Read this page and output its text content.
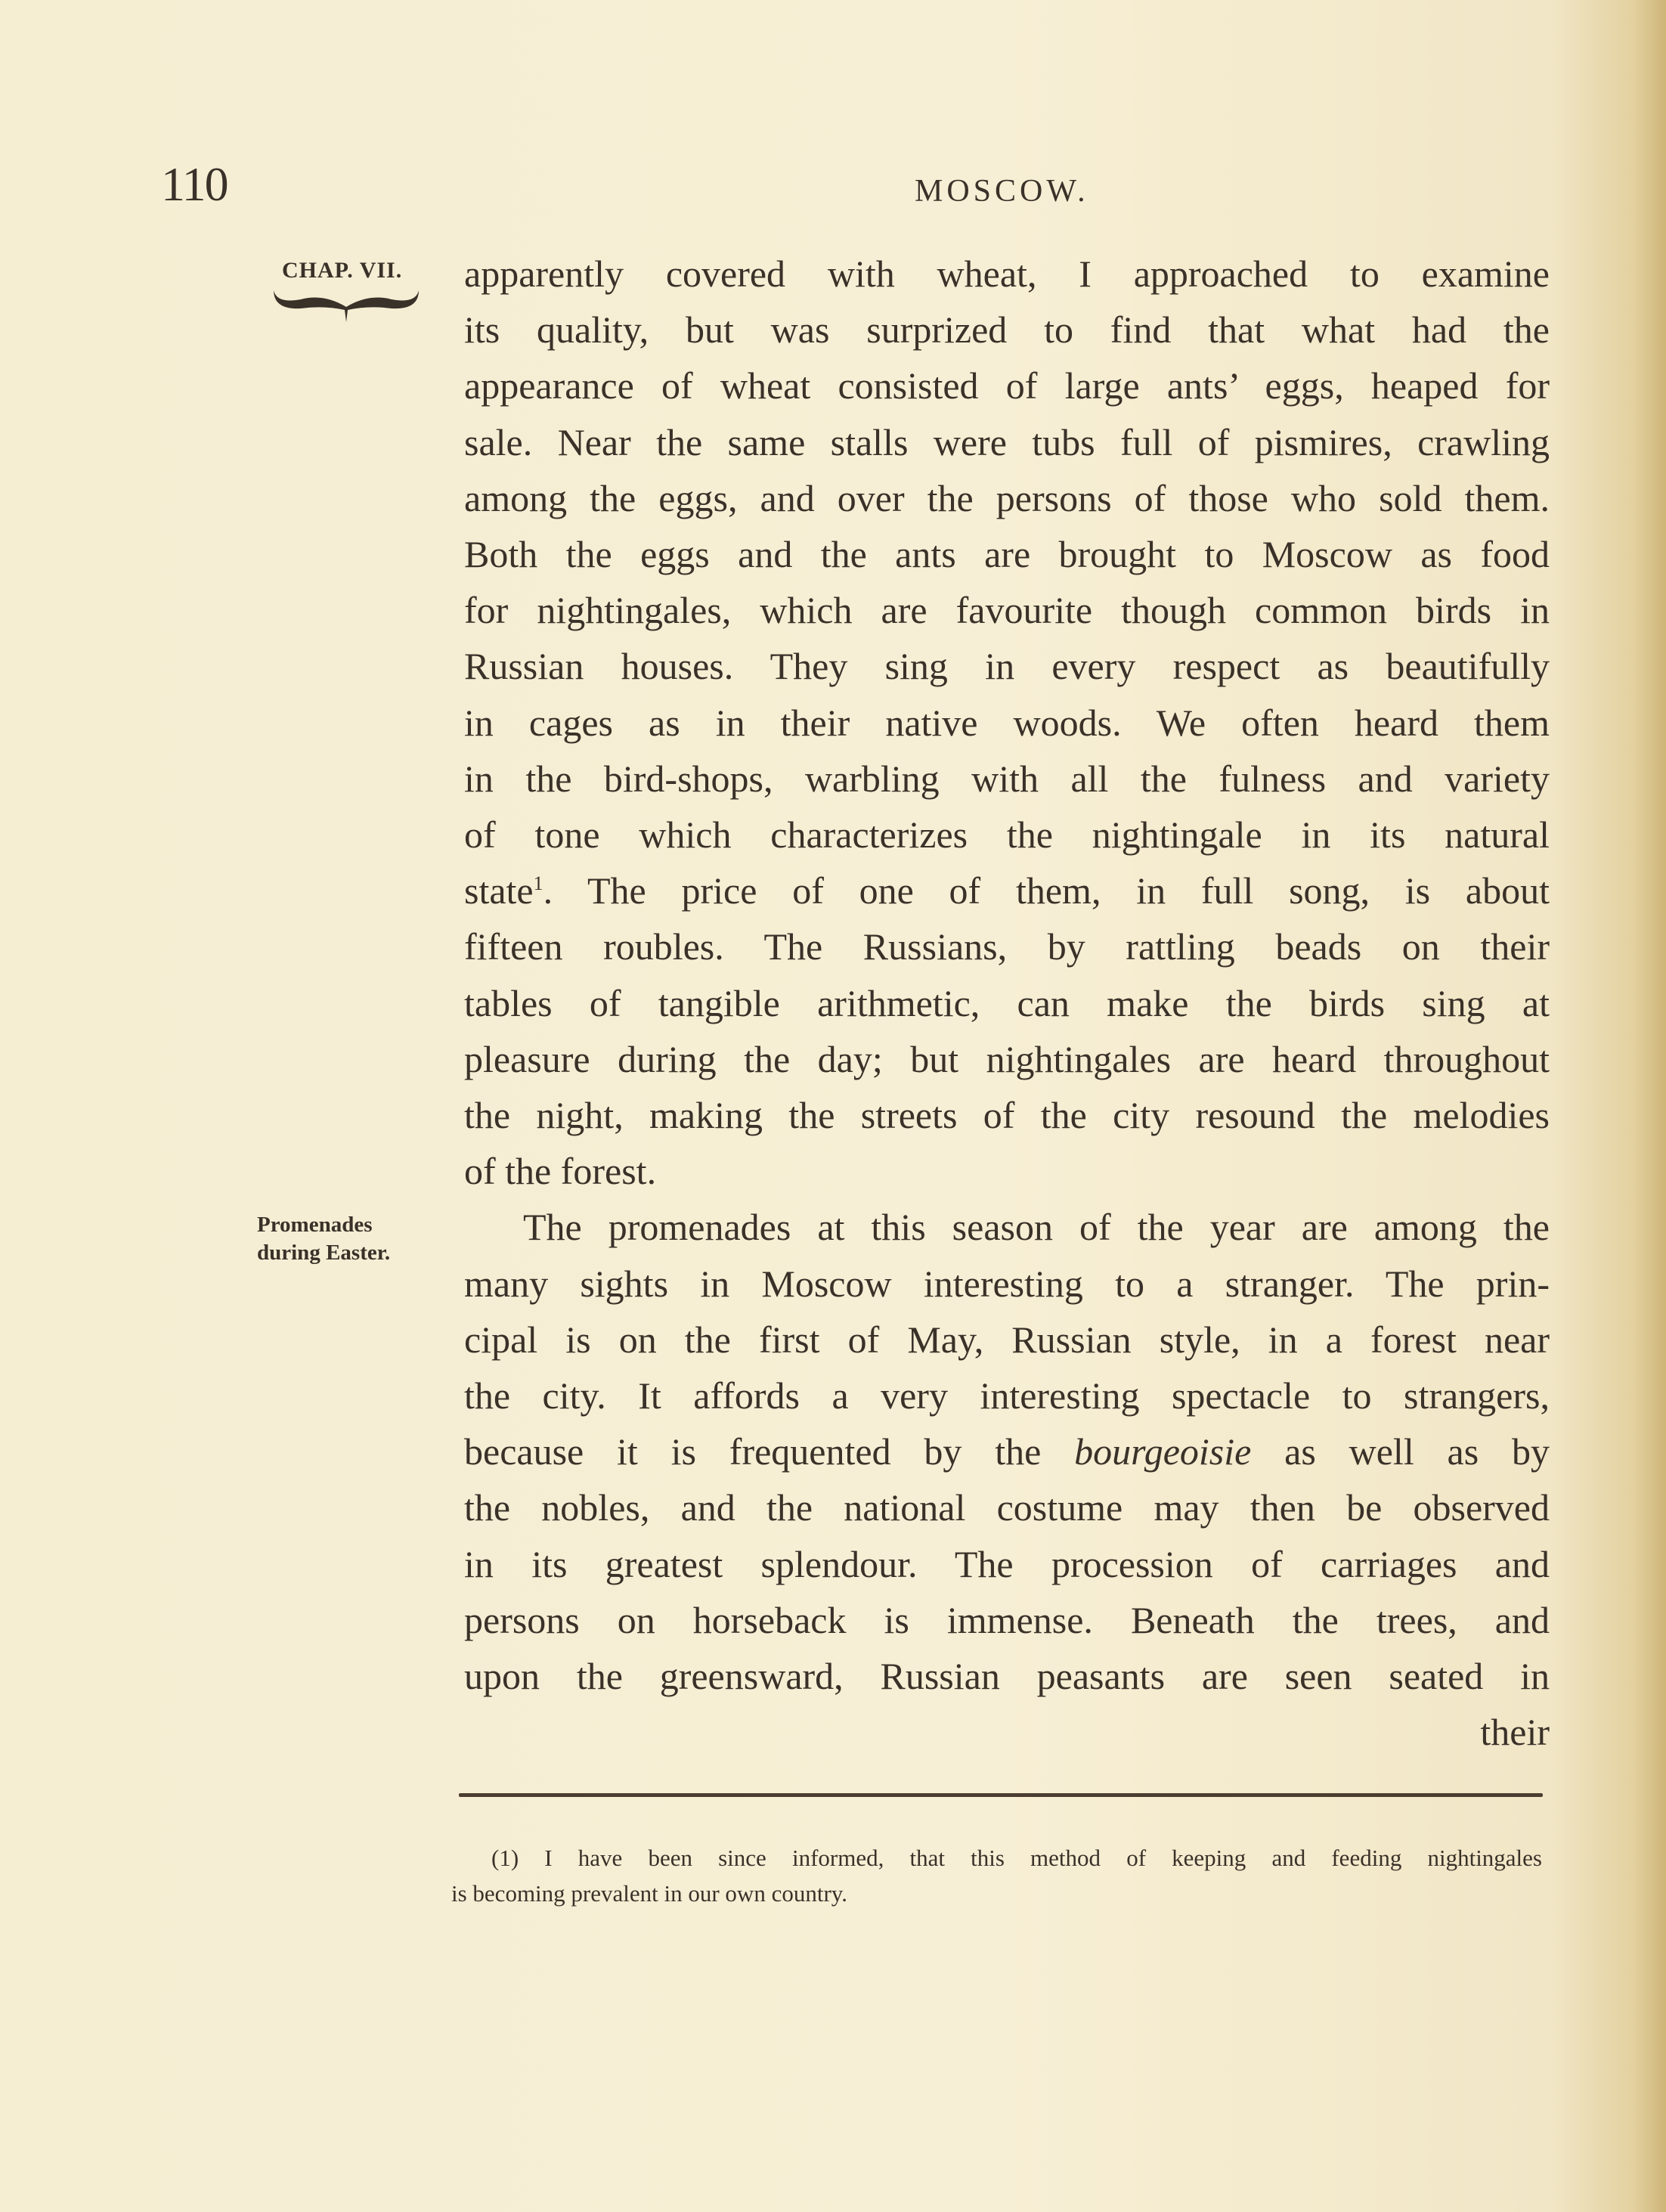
110	MOSCOW.
CHAP. VII.
Promenades
during Easter.
apparently covered with wheat, I approached to examine
its quality, but was surprized to find that what had the
appearance of wheat consisted of large ants’ eggs, heaped for
sale. Near the same stalls were tubs full of pismires, crawling
among the eggs, and over the persons of those who sold them.
Both the eggs and the ants are brought to Moscow as food
for nightingales, which are favourite though common birds in
Russian houses. They sing in every respect as beautifully
in cages as in their native woods. We often heard them
in the bird-shops, warbling with all the fulness and variety
of tone which characterizes the nightingale in its natural
state$^1$. The price of one of them, in full song, is about
fifteen roubles. The Russians, by rattling beads on their
tables of tangible arithmetic, can make the birds sing at
pleasure during the day; but nightingales are heard throughout
the night, making the streets of the city resound the melodies
of the forest.
The promenades at this season of the year are among the
many sights in Moscow interesting to a stranger. The prin-
cipal is on the first of May, Russian style, in a forest near
the city. It affords a very interesting spectacle to strangers,
because it is frequented by the bourgeoisie as well as by
the nobles, and the national costume may then be observed
in its greatest splendour. The procession of carriages and
persons on horseback is immense. Beneath the trees, and
upon the greensward, Russian peasants are seen seated in
their
(1) I have been since informed, that this method of keeping and feeding nightingales
is becoming prevalent in our own country.
